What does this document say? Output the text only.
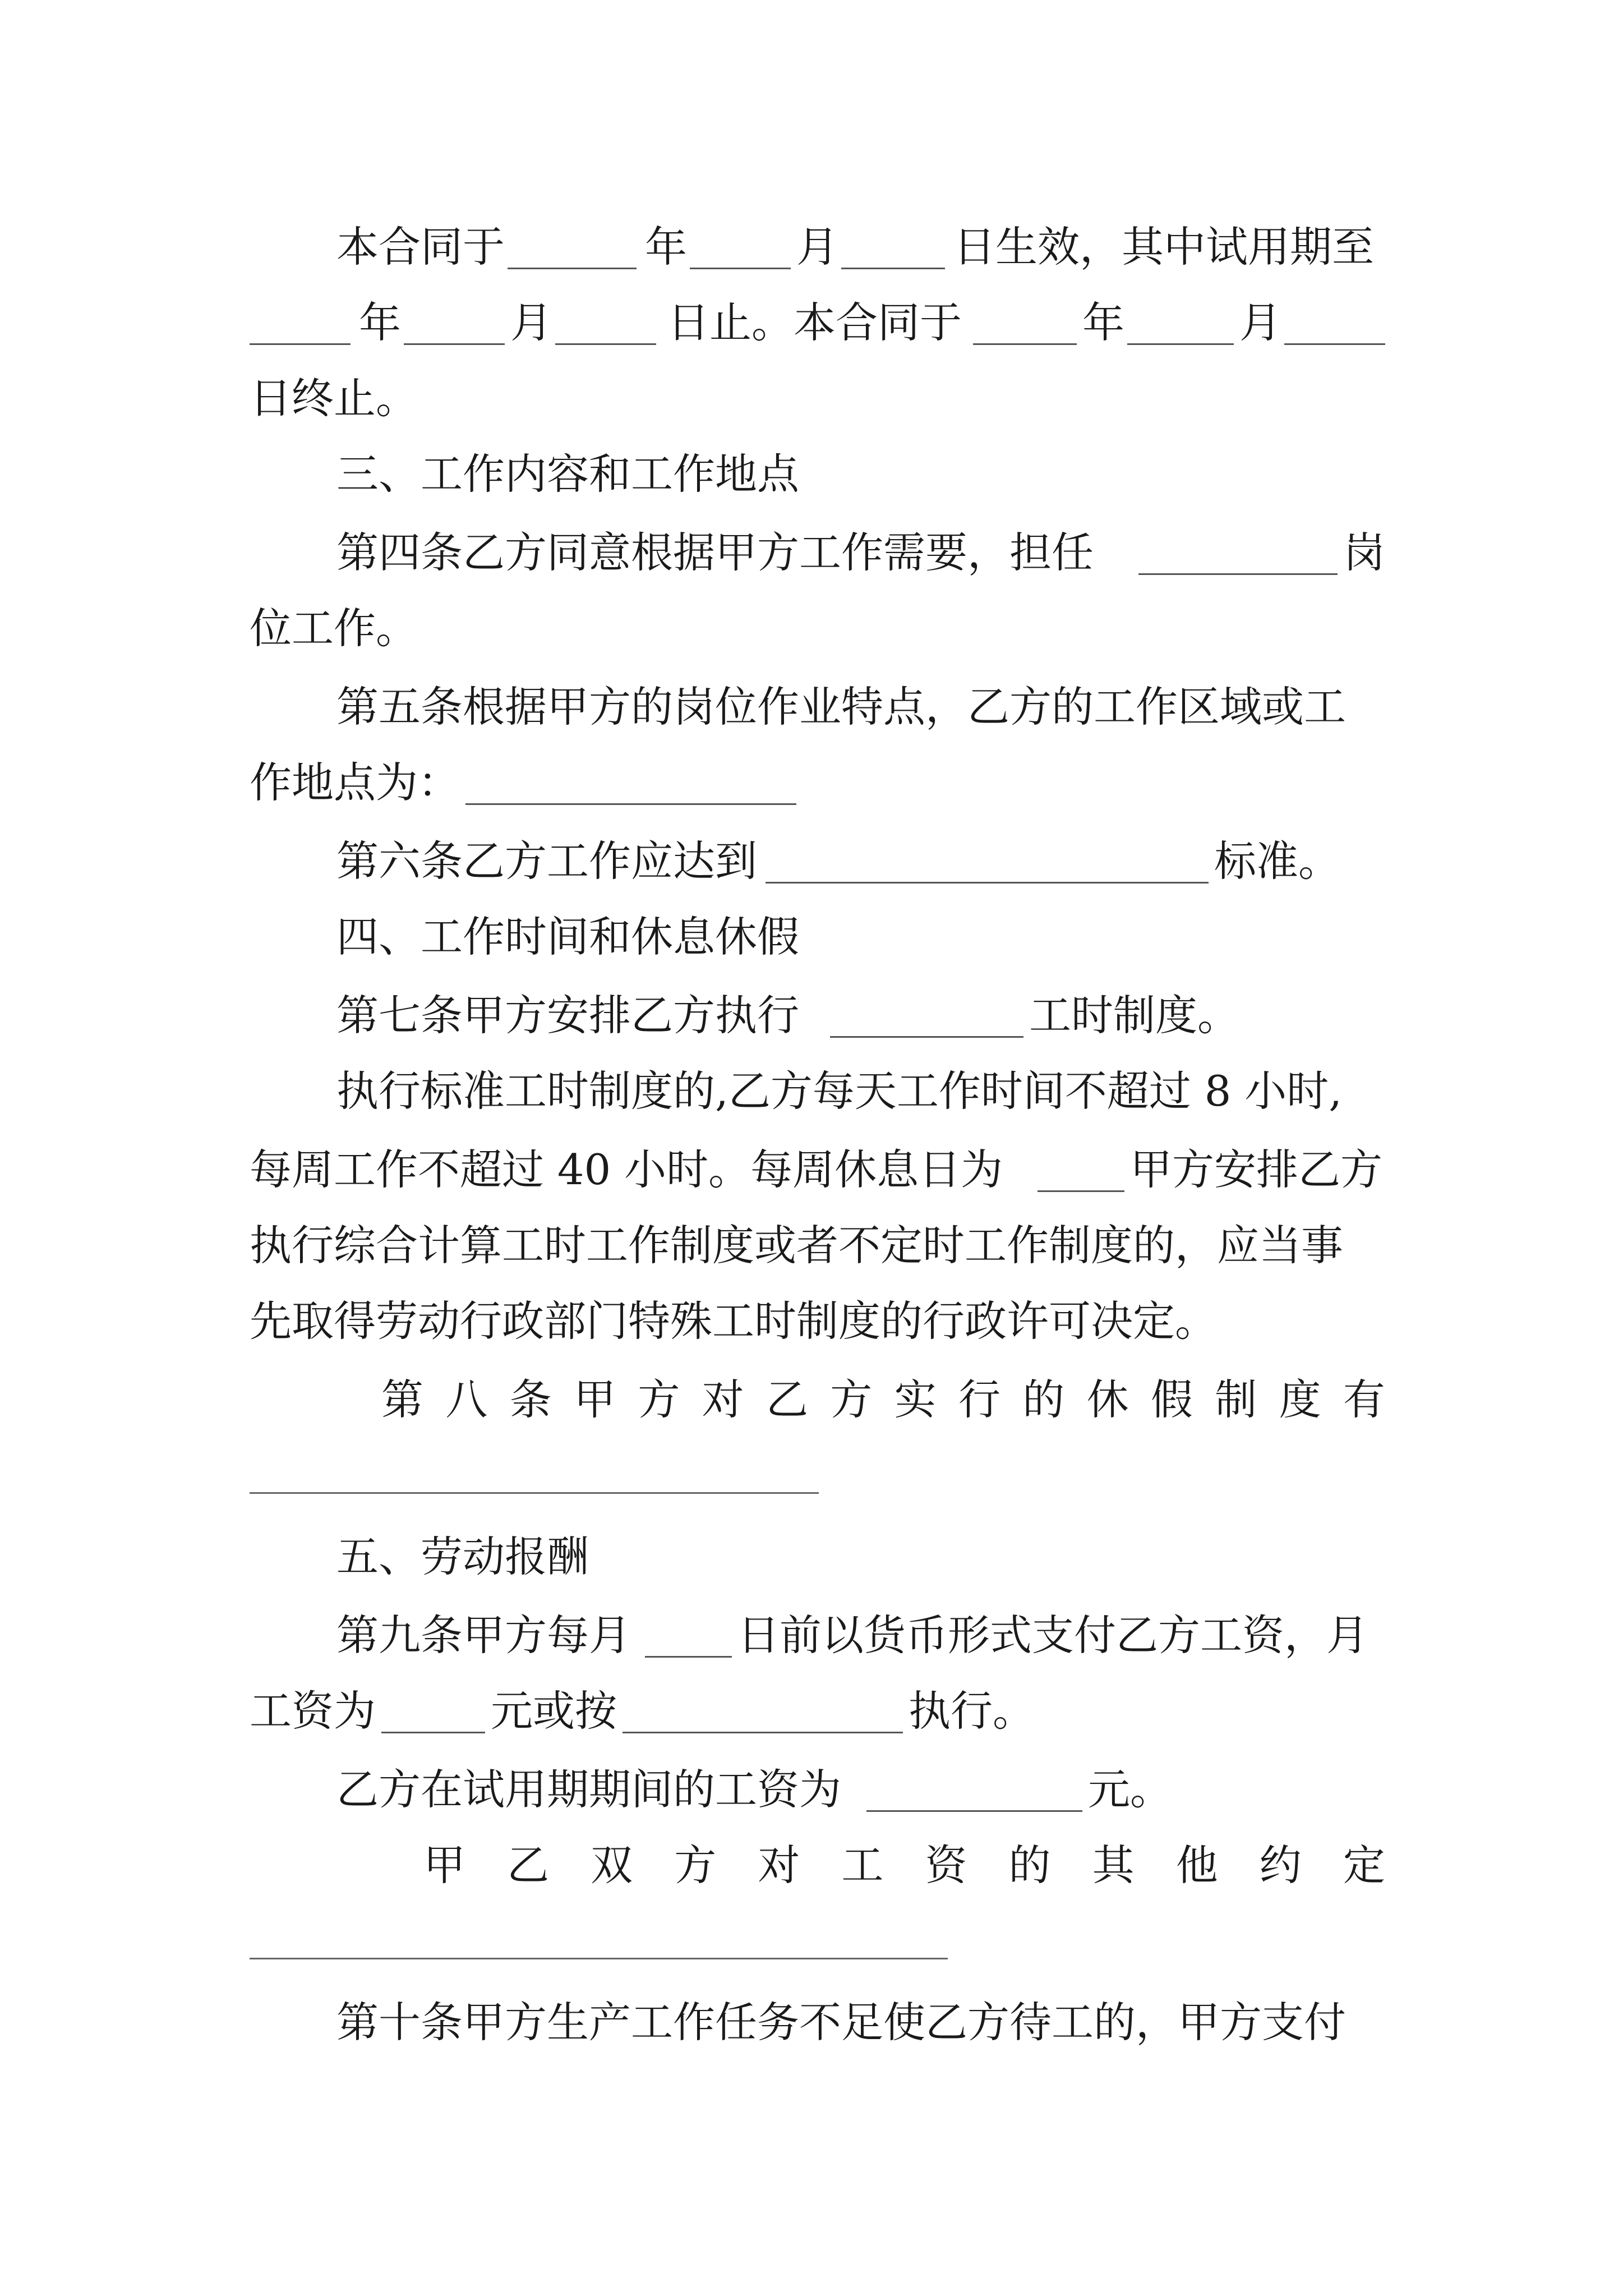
本合同于	年	月	日生效，其中试用期至
年	月	日止。本合同于	年	月
日终止。
三、工作内容和工作地点
第四条乙方同意根据甲方工作需要，担任	岗
位工作。
第五条根据甲方的岗位作业特点，乙方的工作区域或工
作地点为：
第六条乙方工作应达到	标准。
四、工作时间和休息休假
第七条甲方安排乙方执行	工时制度。
执行标准工时制度的,乙方每天工作时间不超过 8 小时,
每周工作不超过 40 小时。每周休息日为	甲方安排乙方
执行综合计算工时工作制度或者不定时工作制度的，应当事
先取得劳动行政部门特殊工时制度的行政许可决定。
第 八 条 甲 方 对 乙 方 实 行 的 休 假 制 度 有
五、劳动报酬
第九条甲方每月	日前以货币形式支付乙方工资，月
工资为	元或按	执行。
乙方在试用期期间的工资为	元。
甲 乙 双 方 对 工 资 的 其 他 约 定
第十条甲方生产工作任务不足使乙方待工的，甲方支付
